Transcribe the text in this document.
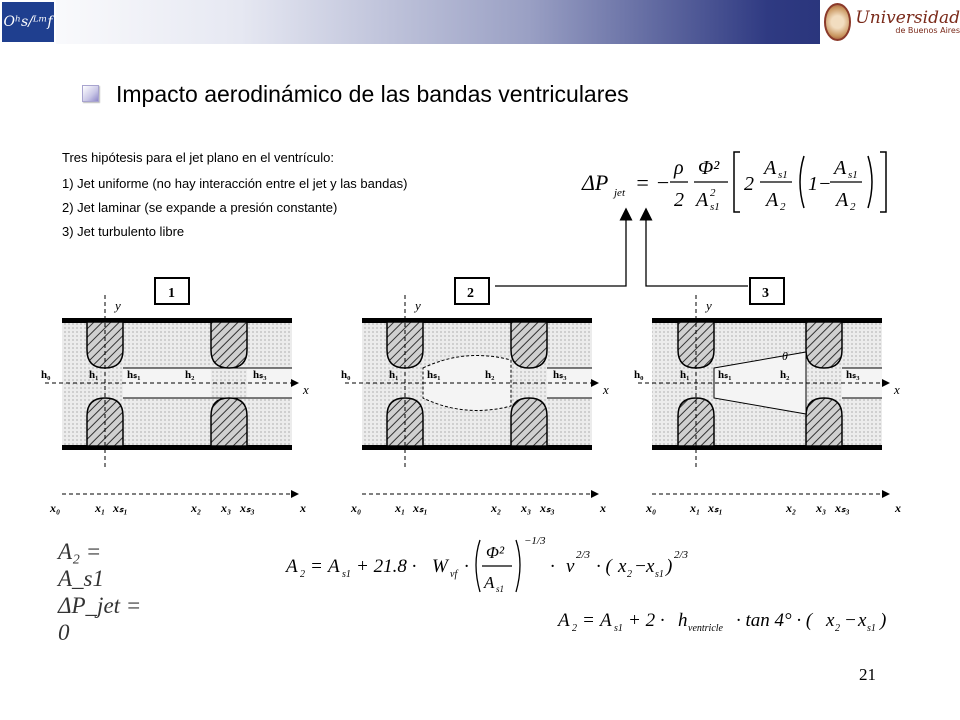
Oʰs/ᴸᵐf	Universidad
de Buenos Aires
Impacto aerodinámico de las bandas ventriculares
Tres hipótesis para el jet plano en el ventrículo:
1) Jet uniforme (no hay interacción entre el jet y las bandas)
2) Jet laminar (se expande a presión constante)
3) Jet turbulento libre
ΔP jet = −
ρ
2
Φ²
A s1
2 2
A s1
A 2
1−
A s1
A 2
1
x
y
h₀	h₁	hₛ₁	h₂	hₛ₃
2
x
y
h₀	h₁	hₛ₁	h₂	hₛ₃
3
θ
x
y
h₀	h₁	hₛ₁	h₂	hₛ₃
x₀	x₁ xₛ₁	x₂ x₃ xₛ₃	x	x₀	x₁ xₛ₁	x₂ x₃ xₛ₃	x	x₀	x₁ xₛ₁	x₂ x₃ xₛ₃	x
A₂ = A_s1
ΔP_jet = 0
A 2 = A s1 + 21.8 · W vf ·
Φ²
A s1
−1/3
· ν
2/3
· ( x 2 − x s1 )
2/3
A 2 = A s1 + 2 · h ventricle · tan 4° · ( x 2 − x s1 )
21
